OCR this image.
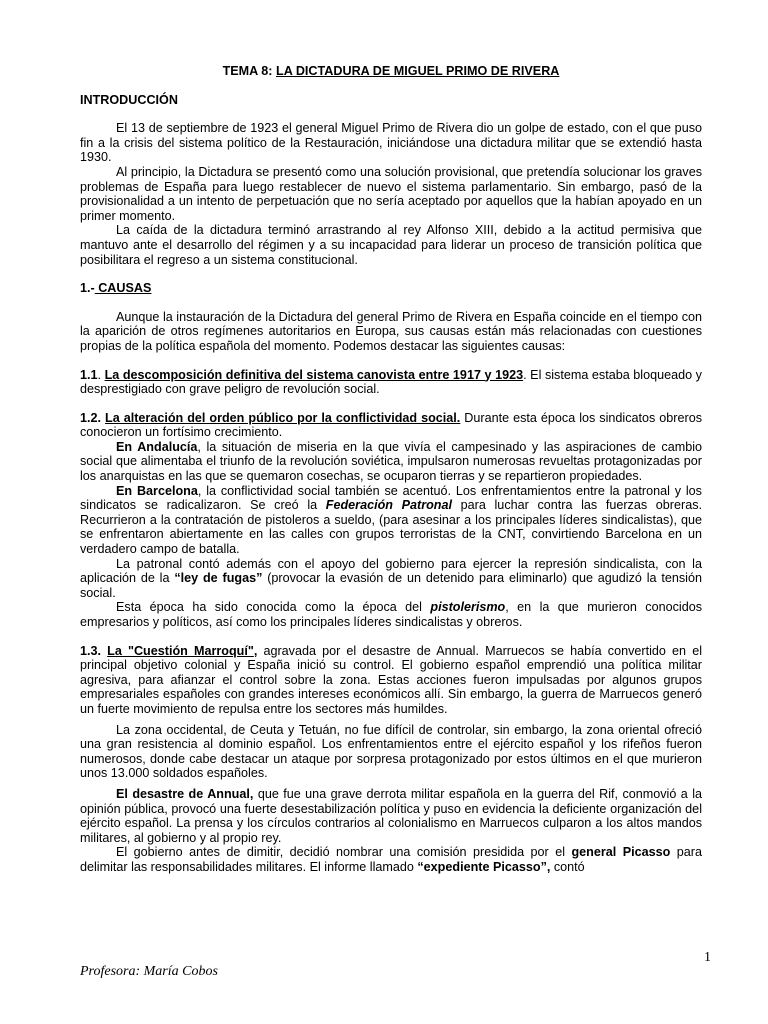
TEMA 8: LA DICTADURA DE MIGUEL PRIMO DE RIVERA
INTRODUCCIÓN

El 13 de septiembre de 1923 el general Miguel Primo de Rivera dio un golpe de estado, con el que puso fin a la crisis del sistema político de la Restauración, iniciándose una dictadura militar que se extendió hasta 1930.

Al principio, la Dictadura se presentó como una solución provisional, que pretendía solucionar los graves problemas de España para luego restablecer de nuevo el sistema parlamentario. Sin embargo, pasó de la provisionalidad a un intento de perpetuación que no sería aceptado por aquellos que la habían apoyado en un primer momento.

La caída de la dictadura terminó arrastrando al rey Alfonso XIII, debido a la actitud permisiva que mantuvo ante el desarrollo del régimen y a su incapacidad para liderar un proceso de transición política que posibilitara el regreso a un sistema constitucional.

1.- CAUSAS

Aunque la instauración de la Dictadura del general Primo de Rivera en España coincide en el tiempo con la aparición de otros regímenes autoritarios en Europa, sus causas están más relacionadas con cuestiones propias de la política española del momento. Podemos destacar las siguientes causas:

1.1. La descomposición definitiva del sistema canovista entre 1917 y 1923. El sistema estaba bloqueado y desprestigiado con grave peligro de revolución social.

1.2. La alteración del orden público por la conflictividad social. Durante esta época los sindicatos obreros conocieron un fortísimo crecimiento.

En Andalucía, la situación de miseria en la que vivía el campesinado y las aspiraciones de cambio social que alimentaba el triunfo de la revolución soviética, impulsaron numerosas revueltas protagonizadas por los anarquistas en las que se quemaron cosechas, se ocuparon tierras y se repartieron propiedades.

En Barcelona, la conflictividad social también se acentuó. Los enfrentamientos entre la patronal y los sindicatos se radicalizaron. Se creó la Federación Patronal para luchar contra las fuerzas obreras. Recurrieron a la contratación de pistoleros a sueldo, (para asesinar a los principales líderes sindicalistas), que se enfrentaron abiertamente en las calles con grupos terroristas de la CNT, convirtiendo Barcelona en un verdadero campo de batalla.

La patronal contó además con el apoyo del gobierno para ejercer la represión sindicalista, con la aplicación de la “ley de fugas” (provocar la evasión de un detenido para eliminarlo) que agudizó la tensión social.

Esta época ha sido conocida como la época del pistolerismo, en la que murieron conocidos empresarios y políticos, así como los principales líderes sindicalistas y obreros.

1.3. La "Cuestión Marroquí", agravada por el desastre de Annual. Marruecos se había convertido en el principal objetivo colonial y España inició su control. El gobierno español emprendió una política militar agresiva, para afianzar el control sobre la zona. Estas acciones fueron impulsadas por algunos grupos empresariales españoles con grandes intereses económicos allí. Sin embargo, la guerra de Marruecos generó un fuerte movimiento de repulsa entre los sectores más humildes.

La zona occidental, de Ceuta y Tetuán, no fue difícil de controlar, sin embargo, la zona oriental ofreció una gran resistencia al dominio español. Los enfrentamientos entre el ejército español y los rifeños fueron numerosos, donde cabe destacar un ataque por sorpresa protagonizado por estos últimos en el que murieron unos 13.000 soldados españoles.

El desastre de Annual, que fue una grave derrota militar española en la guerra del Rif, conmovió a la opinión pública, provocó una fuerte desestabilización política y puso en evidencia la deficiente organización del ejército español. La prensa y los círculos contrarios al colonialismo en Marruecos culparon a los altos mandos militares, al gobierno y al propio rey.

El gobierno antes de dimitir, decidió nombrar una comisión presidida por el general Picasso para delimitar las responsabilidades militares. El informe llamado “expediente Picasso”, contó

1
Profesora: María Cobos
